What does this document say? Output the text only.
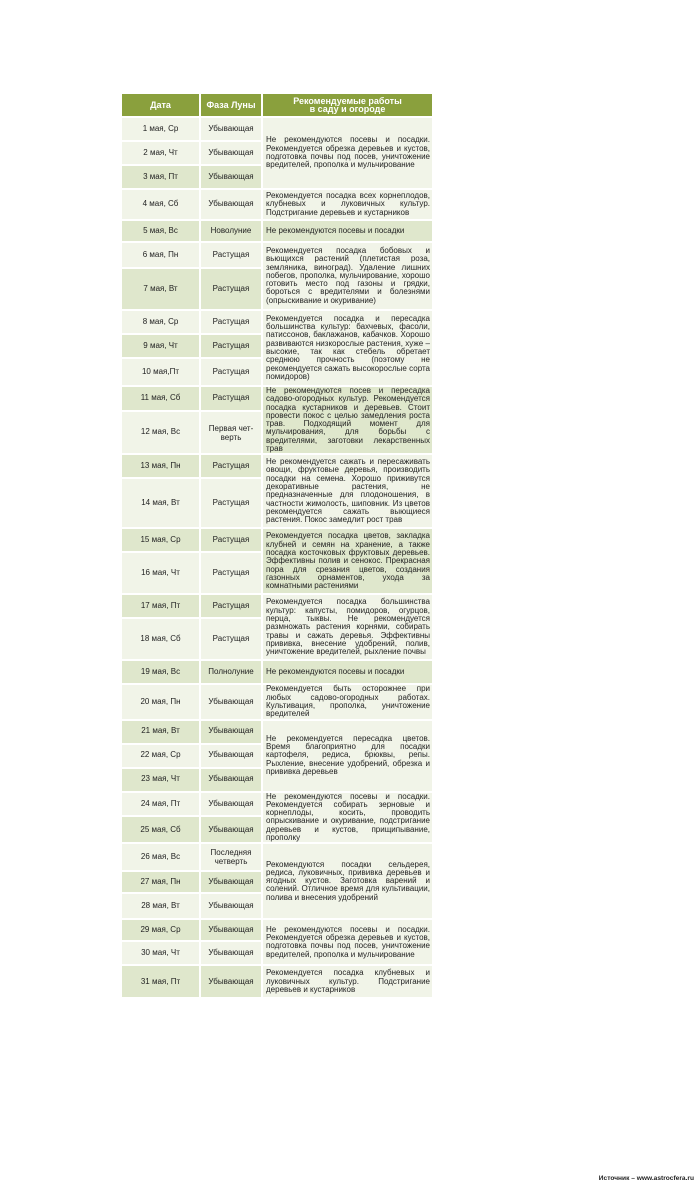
Дата	Фаза Луны	Рекомендуемые работы
в саду и огороде
1 мая, Ср	Убывающая	Не рекомендуются посевы и посадки. Рекомендуется обрезка деревьев и кустов, подготовка почвы под посев, уничтожение вредителей, прополка и мульчирование
2 мая, Чт	Убывающая	
3 мая, Пт	Убывающая	
4 мая, Сб	Убывающая	Рекомендуется посадка всех корнеплодов, клубневых и луковичных культур. Подстригание деревьев и кустарников
5 мая, Вс	Новолуние	Не рекомендуются посевы и посадки
6 мая, Пн	Растущая	Рекомендуется посадка бобовых и вьющихся растений (плетистая роза, земляника, виноград). Удаление лишних побегов, прополка, мульчирование, хорошо готовить место под газоны и грядки, бороться с вредителями и болезнями (опрыскивание и окуривание)
7 мая, Вт	Растущая	
8 мая, Ср	Растущая	Рекомендуется посадка и пересадка большинства культур: бахчевых, фасоли, патиссонов, баклажанов, кабачков. Хорошо развиваются низкорослые растения, хуже – высокие, так как стебель обретает среднюю прочность (поэтому не рекомендуется сажать высокорослые сорта помидоров)
9 мая, Чт	Растущая	
10 мая,Пт	Растущая	
11 мая, Сб	Растущая	Не рекомендуются посев и пересадка садово-огородных культур. Рекомендуется посадка кустарников и деревьев. Стоит провести покос с целью замедления роста трав. Подходящий момент для мульчирования, для борьбы с вредителями, заготовки лекарственных трав
12 мая, Вс	Первая чет-верть	
13 мая, Пн	Растущая	Не рекомендуется сажать и пересаживать овощи, фруктовые деревья, производить посадки на семена. Хорошо приживутся декоративные растения, не предназначенные для плодоношения, в частности жимолость, шиповник. Из цветов рекомендуется сажать выющиеся растения. Покос замедлит рост трав
14 мая, Вт	Растущая	
15 мая, Ср	Растущая	Рекомендуется посадка цветов, закладка клубней и семян на хранение, а также посадка косточковых фруктовых деревьев. Эффективны полив и сенокос. Прекрасная пора для срезания цветов, создания газонных орнаментов, ухода за комнатными растениями
16 мая, Чт	Растущая	
17 мая, Пт	Растущая	Рекомендуется посадка большинства культур: капусты, помидоров, огурцов, перца, тыквы. Не рекомендуется размножать растения корнями, собирать травы и сажать деревья. Эффективны прививка, внесение удобрений, полив, уничтожение вредителей, рыхление почвы
18 мая, Сб	Растущая	
19 мая, Вс	Полнолуние	Не рекомендуются посевы и посадки
20 мая, Пн	Убывающая	Рекомендуется быть осторожнее при любых садово-огородных работах. Культивация, прополка, уничтожение вредителей
21 мая, Вт	Убывающая	Не рекомендуется пересадка цветов. Время благоприятно для посадки картофеля, редиса, брюквы, репы. Рыхление, внесение удобрений, обрезка и прививка деревьев
22 мая, Ср	Убывающая	
23 мая, Чт	Убывающая	
24 мая, Пт	Убывающая	Не рекомендуются посевы и посадки. Рекомендуется собирать зерновые и корнеплоды, косить, проводить опрыскивание и окуривание, подстригание деревьев и кустов, прищипывание, прополку
25 мая, Сб	Убывающая	
26 мая, Вс	Последняя четверть	Рекомендуются посадки сельдерея, редиса, луковичных, прививка деревьев и ягодных кустов. Заготовка варений и солений. Отличное время для культивации, полива и внесения удобрений
27 мая, Пн	Убывающая	
28 мая, Вт	Убывающая	
29 мая, Ср	Убывающая	Не рекомендуются посевы и посадки. Рекомендуется обрезка деревьев и кустов, подготовка почвы под посев, уничтожение вредителей, прополка и мульчирование
30 мая, Чт	Убывающая	
31 мая, Пт	Убывающая	Рекомендуется посадка клубневых и луковичных культур. Подстригание деревьев и кустарников
Источник – www.astrocfera.ru
